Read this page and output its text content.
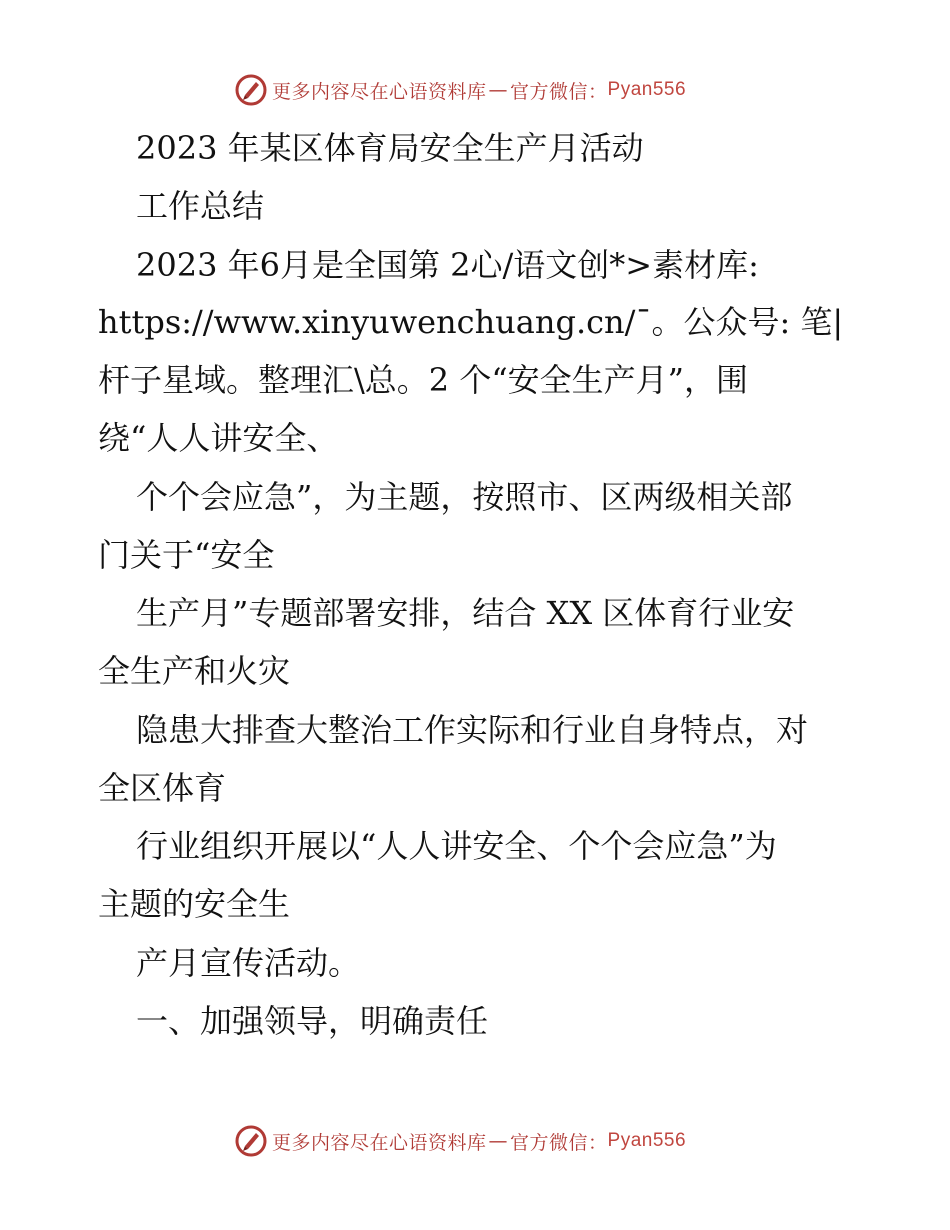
更多内容尽在心语资料库 — 官方微信： Pyan556
2023 年某区体育局安全生产月活动
工作总结
2023 年6月是全国第 2心/语文创*>素材库:
https://www.xinyuwenchuang.cn/¯。公众号: 笔|
杆子星域。整理汇\总。2 个“安全生产月”，围
绕“人人讲安全、
个个会应急”，为主题，按照市、区两级相关部
门关于“安全
生产月”专题部署安排，结合 XX 区体育行业安
全生产和火灾
隐患大排查大整治工作实际和行业自身特点，对
全区体育
行业组织开展以“人人讲安全、个个会应急”为
主题的安全生
产月宣传活动。
一、加强领导，明确责任
更多内容尽在心语资料库 — 官方微信： Pyan556
